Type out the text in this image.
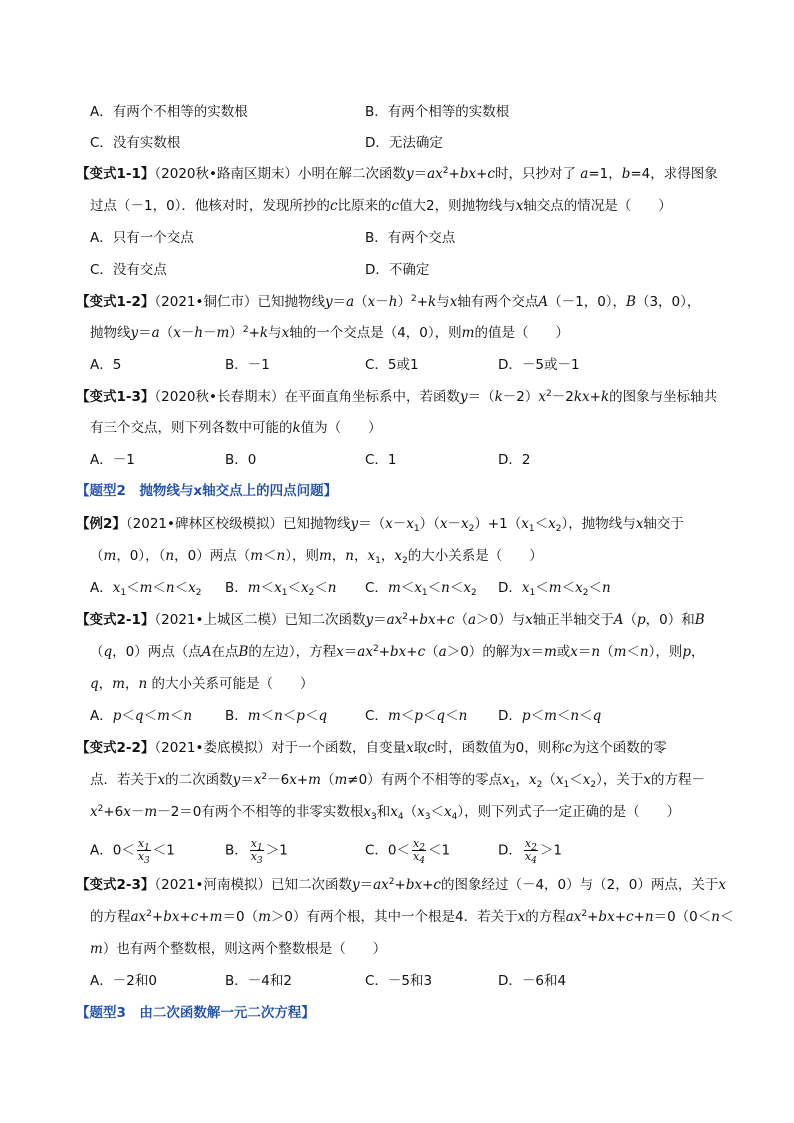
A．有两个不相等的实数根	B．有两个相等的实数根
C．没有实数根	D．无法确定
【变式1-1】（2020秋•路南区期末）小明在解二次函数$y=ax^2+bx+c$时，只抄对了 a=1，b=4，求得图象
过点（－1，0）．他核对时，发现所抄的c比原来的c值大2，则抛物线与x轴交点的情况是（　　）
A．只有一个交点	B．有两个交点
C．没有交点	D．不确定
【变式1-2】（2021•铜仁市）已知抛物线$y=a(x-h)^2+k$与x轴有两个交点A（－1，0），B（3，0），
抛物线$y=a(x-h-m)^2+k$与x轴的一个交点是（4，0），则m的值是（　　）
A．5	B．－1	C．5或1	D．－5或－1
【变式1-3】（2020秋•长春期末）在平面直角坐标系中，若函数$y=(k-2)x^2-2kx+k$的图象与坐标轴共
有三个交点，则下列各数中可能的k值为（　　）
A．－1	B．0	C．1	D．2
【题型2　抛物线与x轴交点上的四点问题】
【例2】（2021•碑林区校级模拟）已知抛物线$y=(x-x_1)(x-x_2)+1(x_1<x_2)$，抛物线与x轴交于
（m，0），（n，0）两点（m＜n），则m，n，$x_1$，$x_2$的大小关系是（　　）
A．$x_1<m<n<x_2$ B．$m<x_1<x_2<n$ C．$m<x_1<n<x_2$ D．$x_1<m<x_2<n$
【变式2-1】（2021•上城区二模）已知二次函数$y=ax^2+bx+c(a>0)$与x轴正半轴交于A（p，0）和B
（q，0）两点（点A在点B的左边），方程$x=ax^2+bx+c(a>0)$的解为x＝m或x＝n（m＜n），则p，
q，m，n 的大小关系可能是（　　）
A．p＜q＜m＜n B．m＜n＜p＜q	C．m＜p＜q＜n D．p＜m＜n＜q
【变式2-2】（2021•娄底模拟）对于一个函数，自变量x取c时，函数值为0，则称c为这个函数的零
点．若关于x的二次函数$y=x^2-6x+m(m\ne 0)$有两个不相等的零点$x_1$，$x_2(x_1<x_2)$，关于x的方程－
$x^2+6x-m-2=0$有两个不相等的非零实数根$x_3$和$x_4(x_3<x_4)$，则下列式子一定正确的是（　　）
A．$0< \frac{x_1}{x_3} <1$	B． $\frac{x_1}{x_3} >1$	C．$0< \frac{x_2}{x_4} <1$	D． $\frac{x_2}{x_4} >1$
【变式2-3】（2021•河南模拟）已知二次函数$y=ax^2+bx+c$的图象经过（－4，0）与（2，0）两点，关于x
的方程$ax^2+bx+c+m=0(m>0)$有两个根，其中一个根是4．若关于x的方程$ax^2+bx+c+n=0(0<n<$
m）也有两个整数根，则这两个整数根是（　　）
A．－2和0	B．－4和2	C．－5和3	D．－6和4
【题型3　由二次函数解一元二次方程】
